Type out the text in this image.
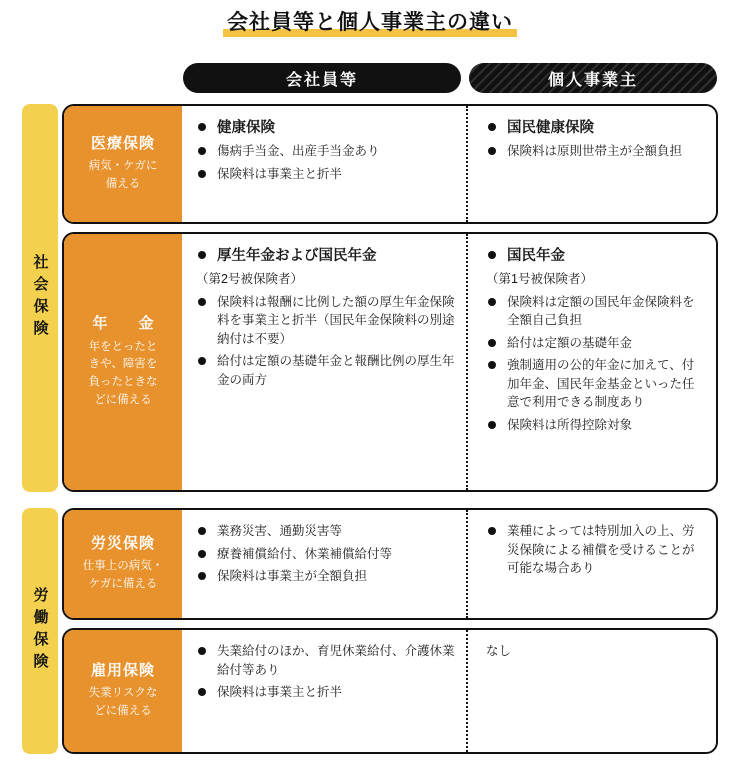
会社員等と個人事業主の違い
会社員等	個人事業主
社会保険
労働保険
医療保険
病気・ケガに
備える
健康保険
傷病手当金、出産手当金あり
保険料は事業主と折半
国民健康保険
保険料は原則世帯主が全額負担
年　金
年をとったと
きや、障害を
負ったときな
どに備える
厚生年金および国民年金
（第2号被保険者）
保険料は報酬に比例した額の厚生年金保険料を事業主と折半（国民年金保険料の別途納付は不要）
給付は定額の基礎年金と報酬比例の厚生年金の両方
国民年金
（第1号被保険者）
保険料は定額の国民年金保険料を全額自己負担
給付は定額の基礎年金
強制適用の公的年金に加えて、付加年金、国民年金基金といった任意で利用できる制度あり
保険料は所得控除対象
労災保険
仕事上の病気・
ケガに備える
業務災害、通勤災害等
療養補償給付、休業補償給付等
保険料は事業主が全額負担
業種によっては特別加入の上、労災保険による補償を受けることが可能な場合あり
雇用保険
失業リスクな
どに備える
失業給付のほか、育児休業給付、介護休業給付等あり
保険料は事業主と折半
なし
